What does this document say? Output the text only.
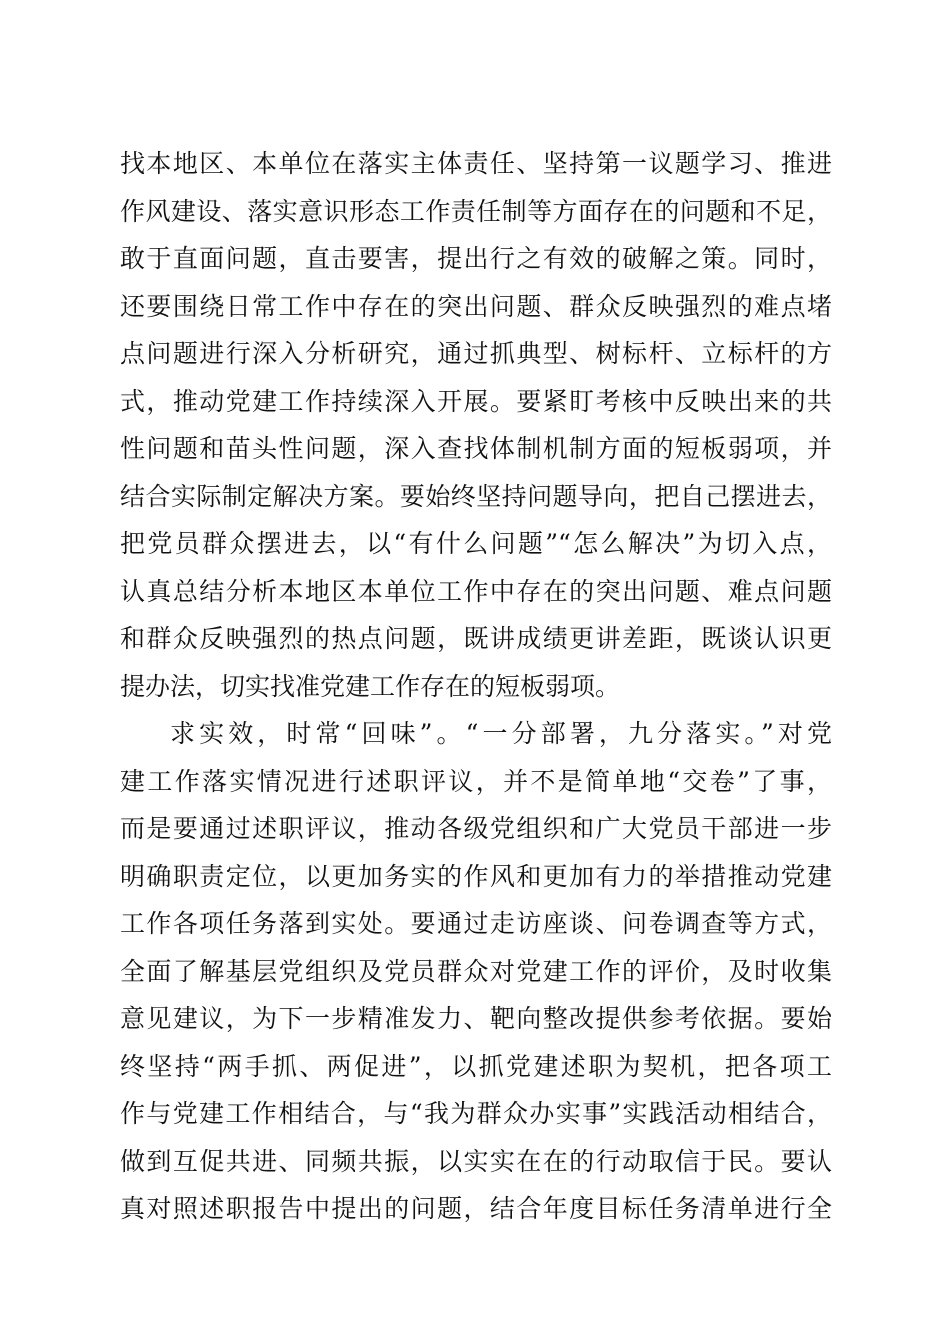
找本地区、本单位在落实主体责任、坚持第一议题学习、推进
作风建设、落实意识形态工作责任制等方面存在的问题和不足，
敢于直面问题，直击要害，提出行之有效的破解之策。同时，
还要围绕日常工作中存在的突出问题、群众反映强烈的难点堵
点问题进行深入分析研究，通过抓典型、树标杆、立标杆的方
式，推动党建工作持续深入开展。要紧盯考核中反映出来的共
性问题和苗头性问题，深入查找体制机制方面的短板弱项，并
结合实际制定解决方案。要始终坚持问题导向，把自己摆进去，
把党员群众摆进去，以“有什么问题”“怎么解决”为切入点，
认真总结分析本地区本单位工作中存在的突出问题、难点问题
和群众反映强烈的热点问题，既讲成绩更讲差距，既谈认识更
提办法，切实找准党建工作存在的短板弱项。
求实效，时常“回味”。“一分部署，九分落实。”对党
建工作落实情况进行述职评议，并不是简单地“交卷”了事，
而是要通过述职评议，推动各级党组织和广大党员干部进一步
明确职责定位，以更加务实的作风和更加有力的举措推动党建
工作各项任务落到实处。要通过走访座谈、问卷调查等方式，
全面了解基层党组织及党员群众对党建工作的评价，及时收集
意见建议，为下一步精准发力、靶向整改提供参考依据。要始
终坚持“两手抓、两促进”，以抓党建述职为契机，把各项工
作与党建工作相结合，与“我为群众办实事”实践活动相结合，
做到互促共进、同频共振，以实实在在的行动取信于民。要认
真对照述职报告中提出的问题，结合年度目标任务清单进行全
